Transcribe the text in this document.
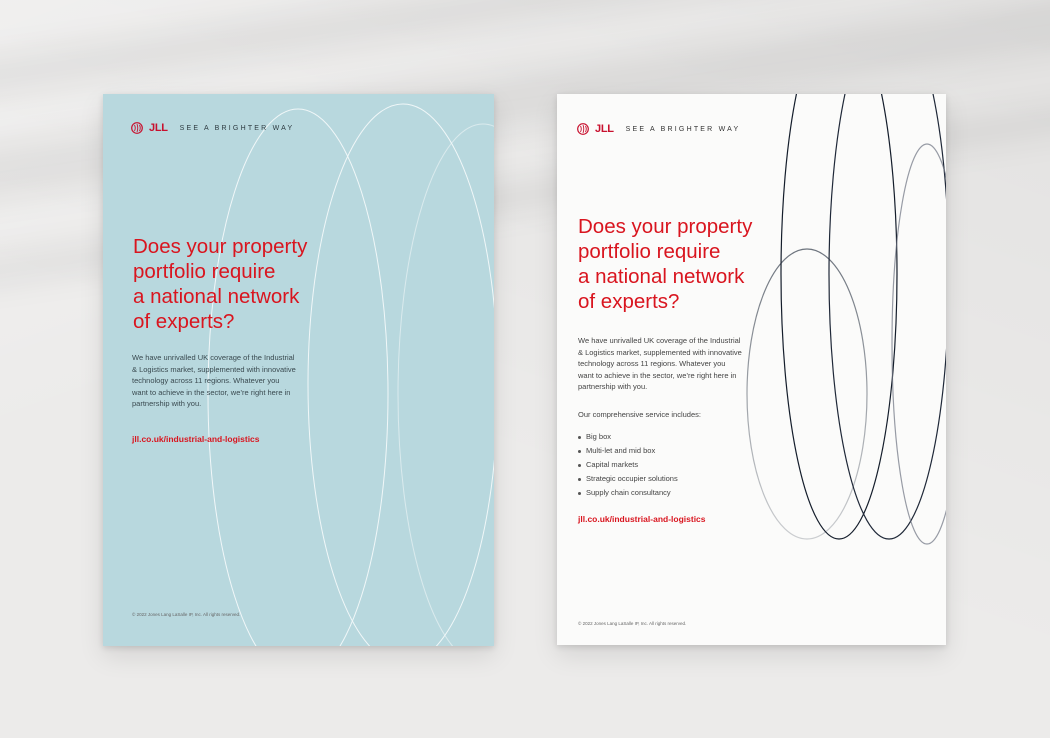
JLL SEE A BRIGHTER WAY
Does your property
portfolio require
a national network
of experts?
We have unrivalled UK coverage of the Industrial
& Logistics market, supplemented with innovative
technology across 11 regions. Whatever you
want to achieve in the sector, we’re right here in
partnership with you.
jll.co.uk/industrial-and-logistics
© 2022 Jones Lang LaSalle IP, Inc. All rights reserved.
JLL SEE A BRIGHTER WAY
Does your property
portfolio require
a national network
of experts?
We have unrivalled UK coverage of the Industrial
& Logistics market, supplemented with innovative
technology across 11 regions. Whatever you
want to achieve in the sector, we’re right here in
partnership with you.
Our comprehensive service includes:
Big box
Multi-let and mid box
Capital markets
Strategic occupier solutions
Supply chain consultancy
jll.co.uk/industrial-and-logistics
© 2022 Jones Lang LaSalle IP, Inc. All rights reserved.
